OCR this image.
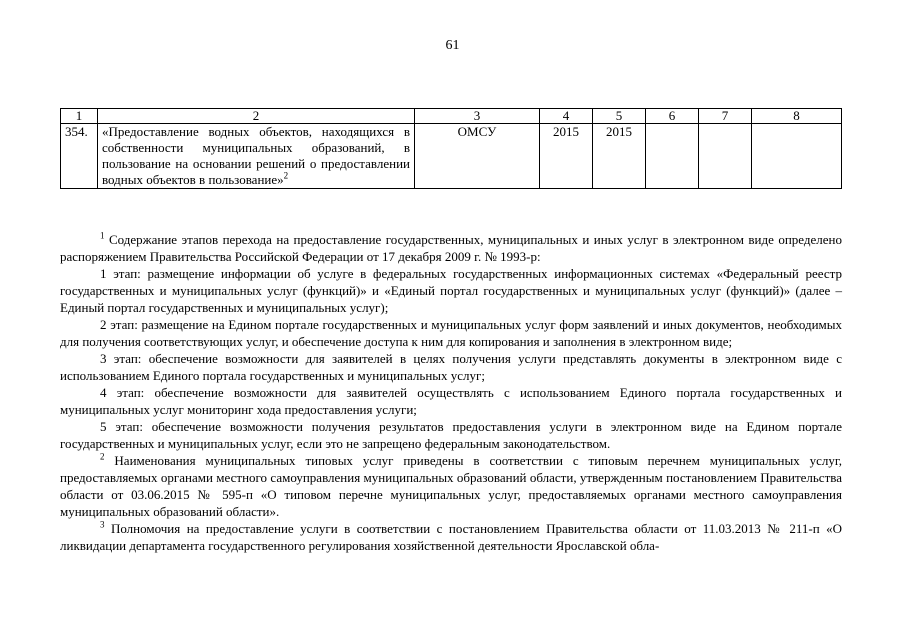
61
1	2	3	4	5	6	7	8
354.	«Предоставление водных объектов, находящихся в собственности муниципальных образований, в пользование на основании решений о предоставлении водных объектов в пользование»$^2$	ОМСУ	2015	2015			

$^1$ Содержание этапов перехода на предоставление государственных, муниципальных и иных услуг в электронном виде определено распоряжением Правительства Российской Федерации от 17 декабря 2009 г. № 1993-р:

1 этап: размещение информации об услуге в федеральных государственных информационных системах «Федеральный реестр государственных и муниципальных услуг (функций)» и «Единый портал государственных и муниципальных услуг (функций)» (далее – Единый портал государственных и муниципальных услуг);

2 этап: размещение на Едином портале государственных и муниципальных услуг форм заявлений и иных документов, необходимых для получения соответствующих услуг, и обеспечение доступа к ним для копирования и заполнения в электронном виде;

3 этап: обеспечение возможности для заявителей в целях получения услуги представлять документы в электронном виде с использованием Единого портала государственных и муниципальных услуг;

4 этап: обеспечение возможности для заявителей осуществлять с использованием Единого портала государственных и муниципальных услуг мониторинг хода предоставления услуги;

5 этап: обеспечение возможности получения результатов предоставления услуги в электронном виде на Едином портале государственных и муниципальных услуг, если это не запрещено федеральным законодательством.

$^2$ Наименования муниципальных типовых услуг приведены в соответствии с типовым перечнем муниципальных услуг, предоставляемых органами местного самоуправления муниципальных образований области, утвержденным постановлением Правительства области от 03.06.2015 № 595-п «О типовом перечне муниципальных услуг, предоставляемых органами местного самоуправления муниципальных образований области».

$^3$ Полномочия на предоставление услуги в соответствии с постановлением Правительства области от 11.03.2013 № 211-п «О ликвидации департамента государственного регулирования хозяйственной деятельности Ярославской обла-
